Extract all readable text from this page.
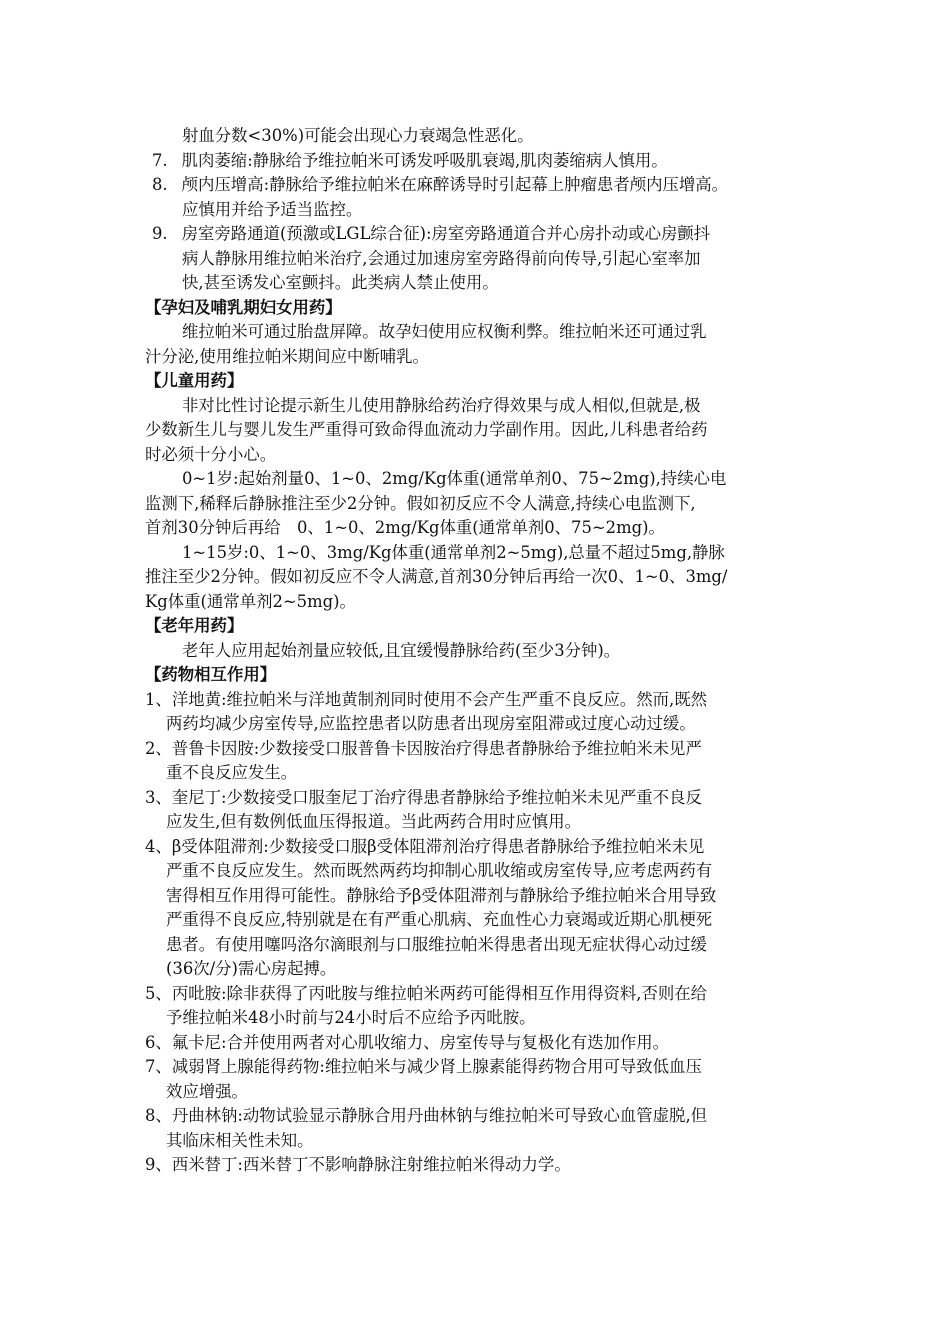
射血分数<30%)可能会出现心力衰竭急性恶化。
7. 肌肉萎缩:静脉给予维拉帕米可诱发呼吸肌衰竭,肌肉萎缩病人慎用。
8. 颅内压增高:静脉给予维拉帕米在麻醉诱导时引起幕上肿瘤患者颅内压增高。
应慎用并给予适当监控。
9. 房室旁路通道(预激或LGL综合征):房室旁路通道合并心房扑动或心房颤抖
病人静脉用维拉帕米治疗,会通过加速房室旁路得前向传导,引起心室率加
快,甚至诱发心室颤抖。此类病人禁止使用。
【孕妇及哺乳期妇女用药】
维拉帕米可通过胎盘屏障。故孕妇使用应权衡利弊。维拉帕米还可通过乳
汁分泌,使用维拉帕米期间应中断哺乳。
【儿童用药】
非对比性讨论提示新生儿使用静脉给药治疗得效果与成人相似,但就是,极
少数新生儿与婴儿发生严重得可致命得血流动力学副作用。因此,儿科患者给药
时必须十分小心。
0~1岁:起始剂量0、1~0、2mg/Kg体重(通常单剂0、75~2mg),持续心电
监测下,稀释后静脉推注至少2分钟。假如初反应不令人满意,持续心电监测下,
首剂30分钟后再给　0、1~0、2mg/Kg体重(通常单剂0、75~2mg)。
1~15岁:0、1~0、3mg/Kg体重(通常单剂2~5mg),总量不超过5mg,静脉
推注至少2分钟。假如初反应不令人满意,首剂30分钟后再给一次0、1~0、3mg/
Kg体重(通常单剂2~5mg)。
【老年用药】
老年人应用起始剂量应较低,且宜缓慢静脉给药(至少3分钟)。
【药物相互作用】
1、洋地黄:维拉帕米与洋地黄制剂同时使用不会产生严重不良反应。然而,既然
两药均减少房室传导,应监控患者以防患者出现房室阻滞或过度心动过缓。
2、普鲁卡因胺:少数接受口服普鲁卡因胺治疗得患者静脉给予维拉帕米未见严
重不良反应发生。
3、奎尼丁:少数接受口服奎尼丁治疗得患者静脉给予维拉帕米未见严重不良反
应发生,但有数例低血压得报道。当此两药合用时应慎用。
4、β受体阻滞剂:少数接受口服β受体阻滞剂治疗得患者静脉给予维拉帕米未见
严重不良反应发生。然而既然两药均抑制心肌收缩或房室传导,应考虑两药有
害得相互作用得可能性。静脉给予β受体阻滞剂与静脉给予维拉帕米合用导致
严重得不良反应,特别就是在有严重心肌病、充血性心力衰竭或近期心肌梗死
患者。有使用噻吗洛尔滴眼剂与口服维拉帕米得患者出现无症状得心动过缓
(36次/分)需心房起搏。
5、丙吡胺:除非获得了丙吡胺与维拉帕米两药可能得相互作用得资料,否则在给
予维拉帕米48小时前与24小时后不应给予丙吡胺。
6、氟卡尼:合并使用两者对心肌收缩力、房室传导与复极化有迭加作用。
7、减弱肾上腺能得药物:维拉帕米与减少肾上腺素能得药物合用可导致低血压
效应增强。
8、丹曲林钠:动物试验显示静脉合用丹曲林钠与维拉帕米可导致心血管虚脱,但
其临床相关性未知。
9、西米替丁:西米替丁不影响静脉注射维拉帕米得动力学。
